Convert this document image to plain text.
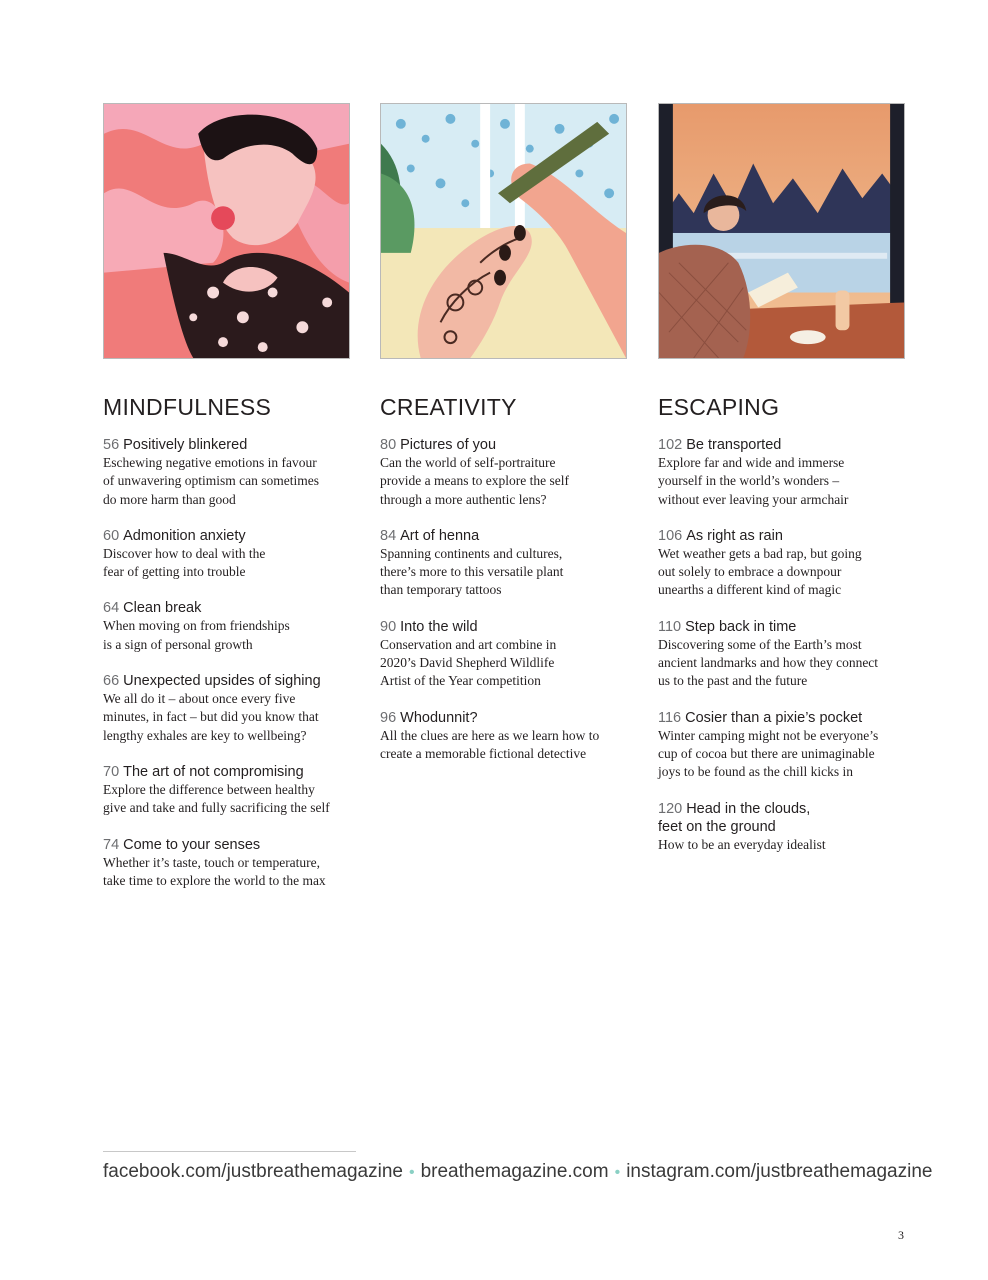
MINDFULNESS
56 Positively blinkered
Eschewing negative emotions in favour
of unwavering optimism can sometimes
do more harm than good
60 Admonition anxiety
Discover how to deal with the
fear of getting into trouble
64 Clean break
When moving on from friendships
is a sign of personal growth
66 Unexpected upsides of sighing
We all do it – about once every five
minutes, in fact – but did you know that
lengthy exhales are key to wellbeing?
70 The art of not compromising
Explore the difference between healthy
give and take and fully sacrificing the self
74 Come to your senses
Whether it’s taste, touch or temperature,
take time to explore the world to the max
CREATIVITY
80 Pictures of you
Can the world of self-portraiture
provide a means to explore the self
through a more authentic lens?
84 Art of henna
Spanning continents and cultures,
there’s more to this versatile plant
than temporary tattoos
90 Into the wild
Conservation and art combine in
2020’s David Shepherd Wildlife
Artist of the Year competition
96 Whodunnit?
All the clues are here as we learn how to
create a memorable fictional detective
ESCAPING
102 Be transported
Explore far and wide and immerse
yourself in the world’s wonders –
without ever leaving your armchair
106 As right as rain
Wet weather gets a bad rap, but going
out solely to embrace a downpour
unearths a different kind of magic
110 Step back in time
Discovering some of the Earth’s most
ancient landmarks and how they connect
us to the past and the future
116 Cosier than a pixie’s pocket
Winter camping might not be everyone’s
cup of cocoa but there are unimaginable
joys to be found as the chill kicks in
120 Head in the clouds,
feet on the ground
How to be an everyday idealist
facebook.com/justbreathemagazine • breathemagazine.com • instagram.com/justbreathemagazine
3
